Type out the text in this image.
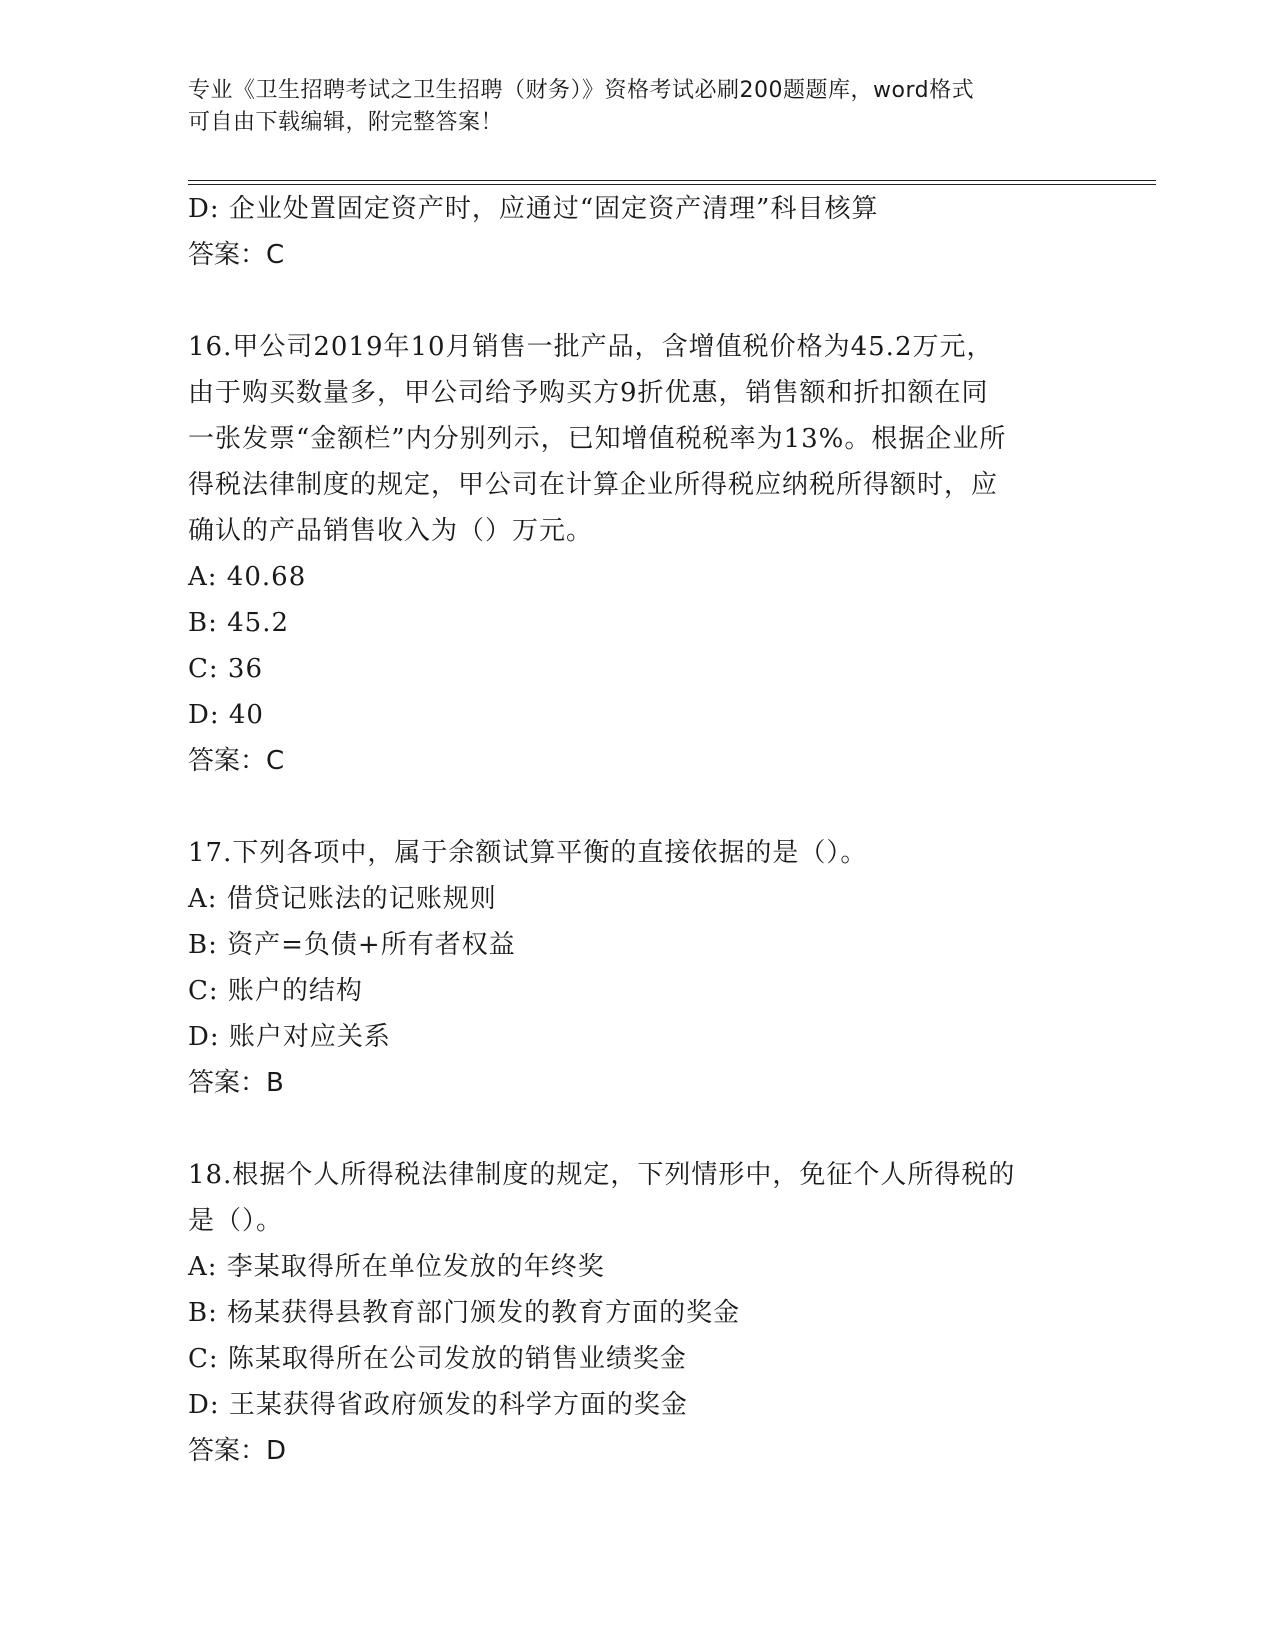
专业《卫生招聘考试之卫生招聘（财务）》资格考试必刷200题题库，word格式
可自由下载编辑，附完整答案！
D: 企业处置固定资产时，应通过“固定资产清理”科目核算
答案：C
16.甲公司2019年10月销售一批产品，含增值税价格为45.2万元，
由于购买数量多，甲公司给予购买方9折优惠，销售额和折扣额在同
一张发票“金额栏”内分别列示，已知增值税税率为13%。根据企业所
得税法律制度的规定，甲公司在计算企业所得税应纳税所得额时，应
确认的产品销售收入为（）万元。
A: 40.68
B: 45.2
C: 36
D: 40
答案：C
17.下列各项中，属于余额试算平衡的直接依据的是（）。
A: 借贷记账法的记账规则
B: 资产=负债+所有者权益
C: 账户的结构
D: 账户对应关系
答案：B
18.根据个人所得税法律制度的规定，下列情形中，免征个人所得税的
是（）。
A: 李某取得所在单位发放的年终奖
B: 杨某获得县教育部门颁发的教育方面的奖金
C: 陈某取得所在公司发放的销售业绩奖金
D: 王某获得省政府颁发的科学方面的奖金
答案：D
